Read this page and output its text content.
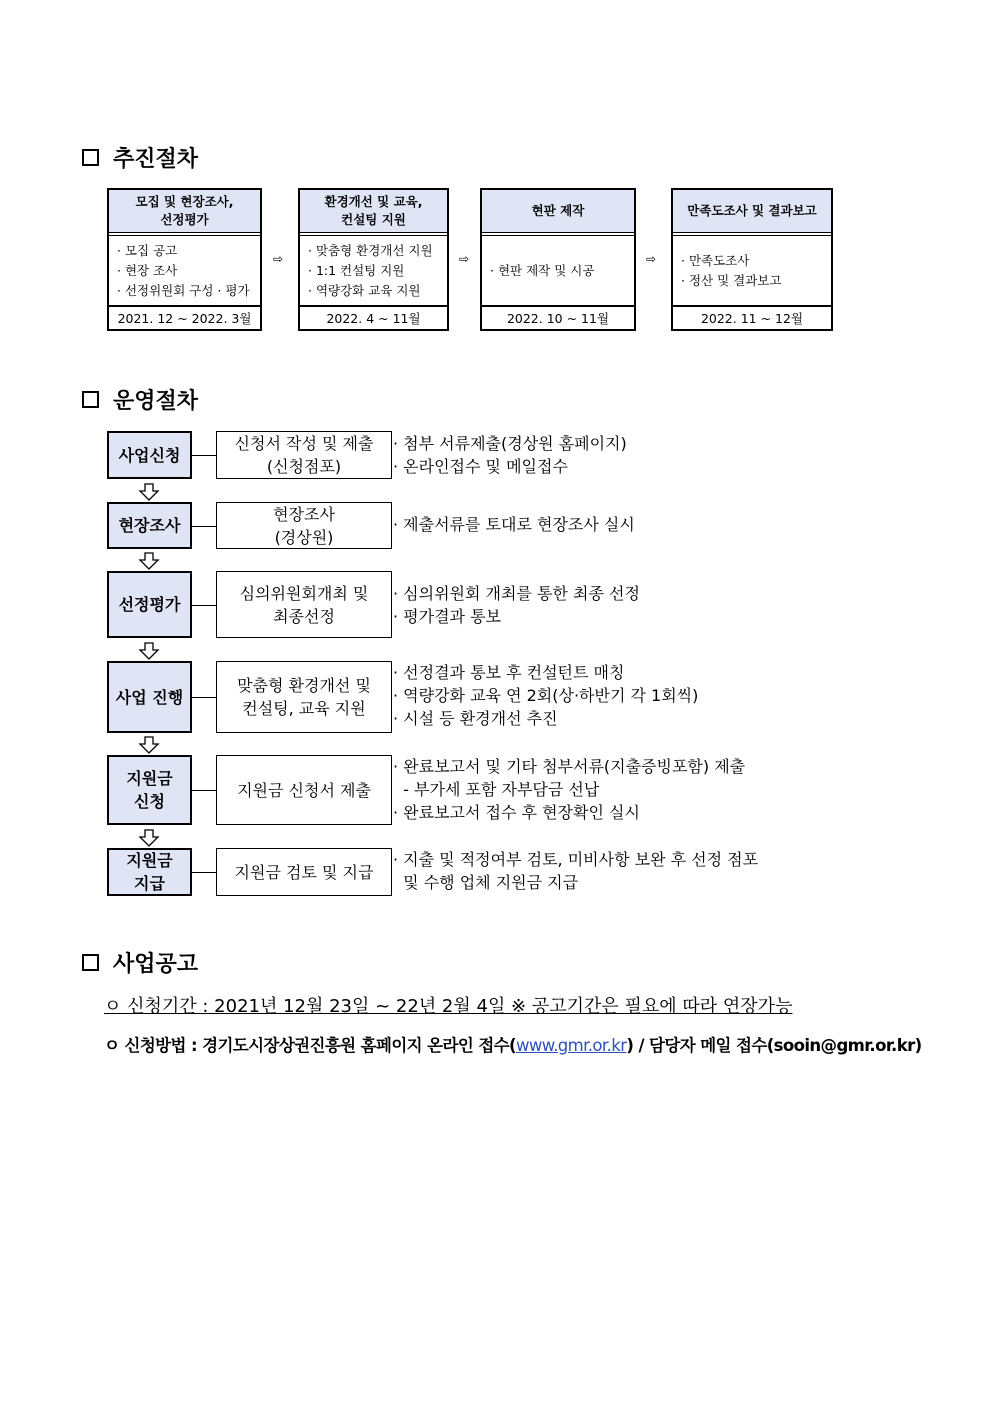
추진절차
모집 및 현장조사,
선정평가
· 모집 공고
· 현장 조사
· 선정위원회 구성 · 평가
2021. 12 ~ 2022. 3월
환경개선 및 교육,
컨설팅 지원
· 맞춤형 환경개선 지원
· 1:1 컨설팅 지원
· 역량강화 교육 지원
2022. 4 ~ 11월
현판 제작
· 현판 제작 및 시공
2022. 10 ~ 11월
만족도조사 및 결과보고
· 만족도조사
· 정산 및 결과보고
2022. 11 ~ 12월
⇨	⇨	⇨
운영절차
사업신청
신청서 작성 및 제출
(신청점포)
· 첨부 서류제출(경상원 홈페이지)
· 온라인접수 및 메일접수
현장조사
현장조사
(경상원)
· 제출서류를 토대로 현장조사 실시
선정평가
심의위원회개최 및
최종선정
· 심의위원회 개최를 통한 최종 선정
· 평가결과 통보
사업 진행
맞춤형 환경개선 및
컨설팅, 교육 지원
· 선정결과 통보 후 컨설턴트 매칭
· 역량강화 교육 연 2회(상·하반기 각 1회씩)
· 시설 등 환경개선 추진
지원금
신청
지원금 신청서 제출
· 완료보고서 및 기타 첨부서류(지출증빙포함) 제출
- 부가세 포함 자부담금 선납
· 완료보고서 접수 후 현장확인 실시
지원금
지급
지원금 검토 및 지급
· 지출 및 적정여부 검토, 미비사항 보완 후 선정 점포
및 수행 업체 지원금 지급
사업공고
ㅇ 신청기간 : 2021년 12월 23일 ~ 22년 2월 4일 ※ 공고기간은 필요에 따라 연장가능
ㅇ 신청방법 : 경기도시장상권진흥원 홈페이지 온라인 접수(www.gmr.or.kr) / 담당자 메일 접수(sooin@gmr.or.kr)
